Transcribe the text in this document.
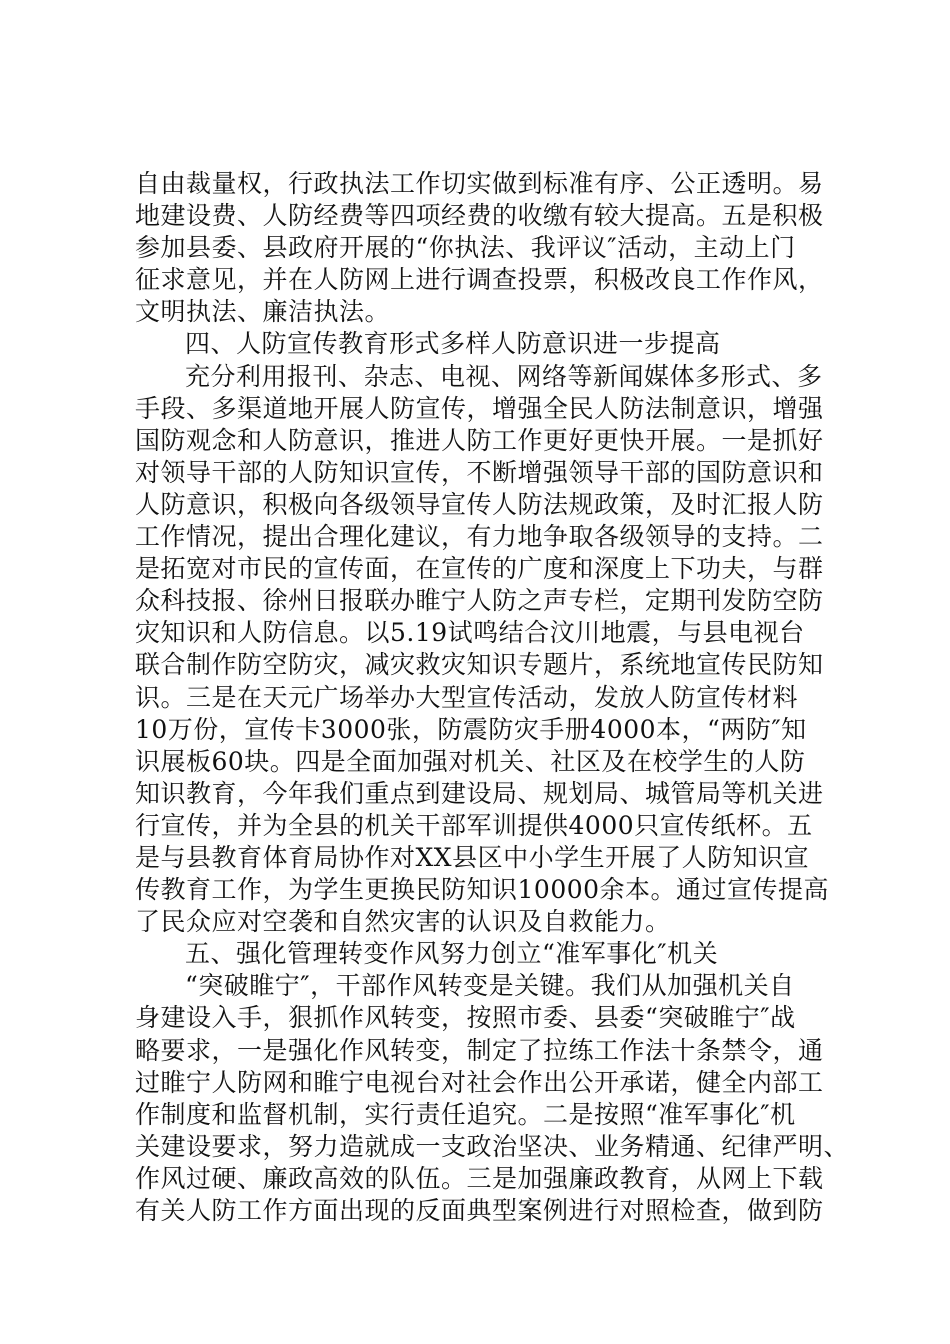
自由裁量权，行政执法工作切实做到标准有序、公正透明。易
地建设费、人防经费等四项经费的收缴有较大提高。五是积极
参加县委、县政府开展的“你执法、我评议″活动，主动上门
征求意见，并在人防网上进行调查投票，积极改良工作作风，
文明执法、廉洁执法。
四、人防宣传教育形式多样人防意识进一步提高
充分利用报刊、杂志、电视、网络等新闻媒体多形式、多
手段、多渠道地开展人防宣传，增强全民人防法制意识，增强
国防观念和人防意识，推进人防工作更好更快开展。一是抓好
对领导干部的人防知识宣传，不断增强领导干部的国防意识和
人防意识，积极向各级领导宣传人防法规政策，及时汇报人防
工作情况，提出合理化建议，有力地争取各级领导的支持。二
是拓宽对市民的宣传面，在宣传的广度和深度上下功夫，与群
众科技报、徐州日报联办睢宁人防之声专栏，定期刊发防空防
灾知识和人防信息。以5.19试鸣结合汶川地震，与县电视台
联合制作防空防灾，减灾救灾知识专题片，系统地宣传民防知
识。三是在天元广场举办大型宣传活动，发放人防宣传材料
10万份，宣传卡3000张，防震防灾手册4000本，“两防″知
识展板60块。四是全面加强对机关、社区及在校学生的人防
知识教育，今年我们重点到建设局、规划局、城管局等机关进
行宣传，并为全县的机关干部军训提供4000只宣传纸杯。五
是与县教育体育局协作对XX县区中小学生开展了人防知识宣
传教育工作，为学生更换民防知识10000余本。通过宣传提高
了民众应对空袭和自然灾害的认识及自救能力。
五、强化管理转变作风努力创立“准军事化″机关
“突破睢宁″，干部作风转变是关键。我们从加强机关自
身建设入手，狠抓作风转变，按照市委、县委“突破睢宁″战
略要求，一是强化作风转变，制定了拉练工作法十条禁令，通
过睢宁人防网和睢宁电视台对社会作出公开承诺，健全内部工
作制度和监督机制，实行责任追究。二是按照“准军事化″机
关建设要求，努力造就成一支政治坚决、业务精通、纪律严明、
作风过硬、廉政高效的队伍。三是加强廉政教育，从网上下载
有关人防工作方面出现的反面典型案例进行对照检查，做到防
